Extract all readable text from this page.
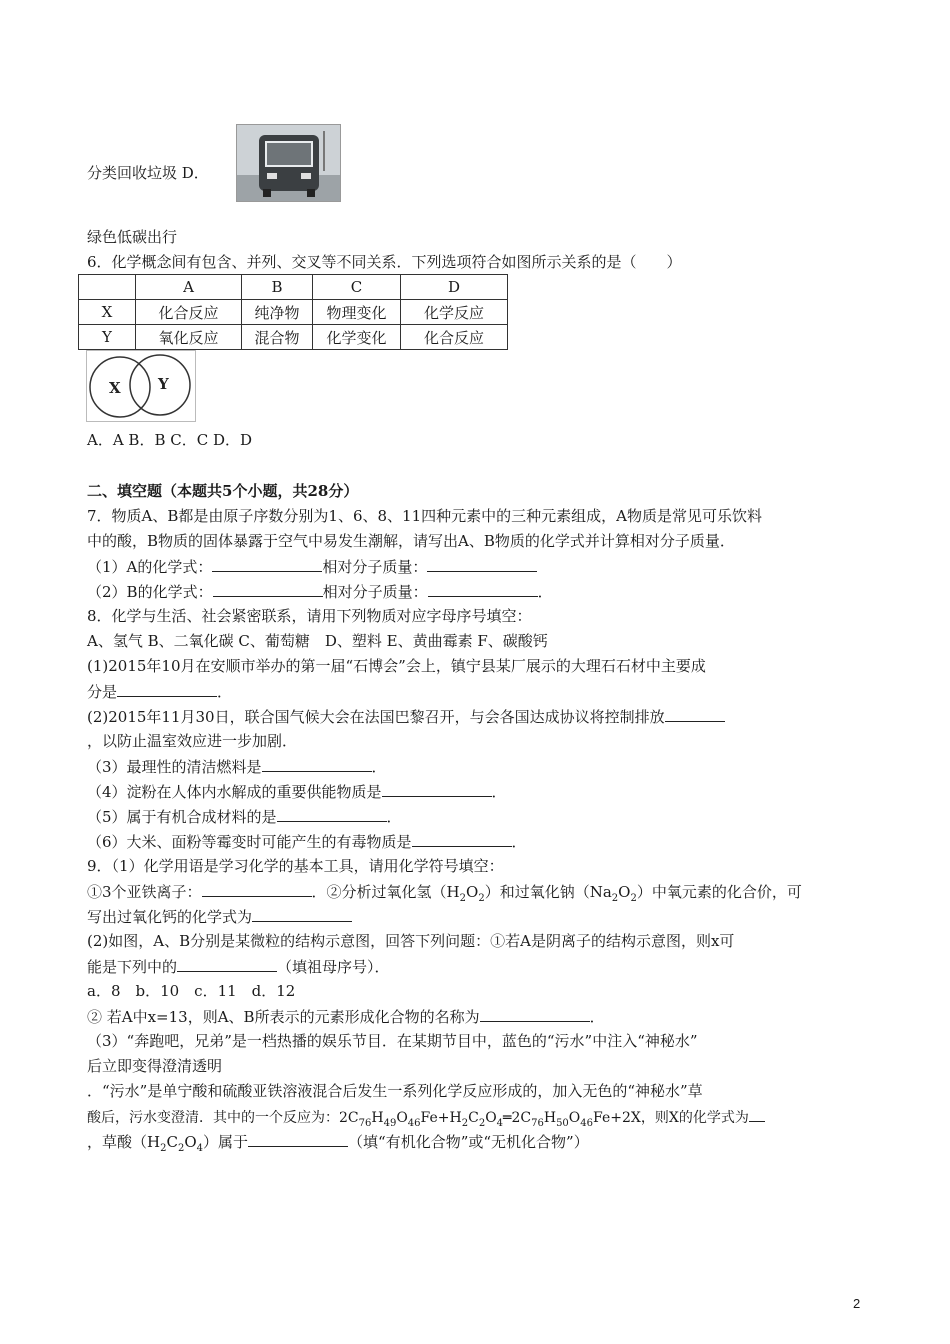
分类回收垃圾 D．
绿色低碳出行
6．化学概念间有包含、并列、交叉等不同关系．下列选项符合如图所示关系的是（　　）
	A	B	C	D
X	化合反应	纯净物	物理变化	化学反应
Y	氧化反应	混合物	化学变化	化合反应
X Y
A．A B．B C．C D．D
二、填空题（本题共5个小题，共28分）
7．物质A、B都是由原子序数分别为1、6、8、11四种元素中的三种元素组成，A物质是常见可乐饮料
中的酸，B物质的固体暴露于空气中易发生潮解，请写出A、B物质的化学式并计算相对分子质量．
（1）A的化学式：	相对分子质量：
（2）B的化学式：	相对分子质量：	．
8．化学与生活、社会紧密联系，请用下列物质对应字母序号填空：
A、氢气 B、二氧化碳 C、葡萄糖　D、塑料 E、黄曲霉素 F、碳酸钙
(1)2015年10月在安顺市举办的第一届“石博会”会上，镇宁县某厂展示的大理石石材中主要成
分是	．
(2)2015年11月30日，联合国气候大会在法国巴黎召开，与会各国达成协议将控制排放
，以防止温室效应进一步加剧．
（3）最理性的清洁燃料是	．
（4）淀粉在人体内水解成的重要供能物质是	．
（5）属于有机合成材料的是	．
（6）大米、面粉等霉变时可能产生的有毒物质是	．
9．（1）化学用语是学习化学的基本工具，请用化学符号填空：
①3个亚铁离子：	．②分析过氧化氢$(H_2O_2)$和过氧化钠$(Na_2O_2)$中氧元素的化合价，可
写出过氧化钙的化学式为
(2)如图，A、B分别是某微粒的结构示意图，回答下列问题：①若A是阴离子的结构示意图，则x可
能是下列中的	（填祖母序号）．
a．8　b．10　c．11　d．12
② 若A中x=13，则A、B所表示的元素形成化合物的名称为	．
（3）“奔跑吧，兄弟”是一档热播的娱乐节目．在某期节目中，蓝色的“污水”中注入“神秘水”
后立即变得澄清透明
．“污水”是单宁酸和硫酸亚铁溶液混合后发生一系列化学反应形成的，加入无色的“神秘水”草
酸后，污水变澄清．其中的一个反应为：$2C_{76}H_{49}O_{46}Fe+H_2C_2O_4═2C_{76}H_{50}O_{46}Fe+2X$，则X的化学式为
，草酸$(H_2C_2O_4)$属于	（填“有机化合物”或“无机化合物”）
2
